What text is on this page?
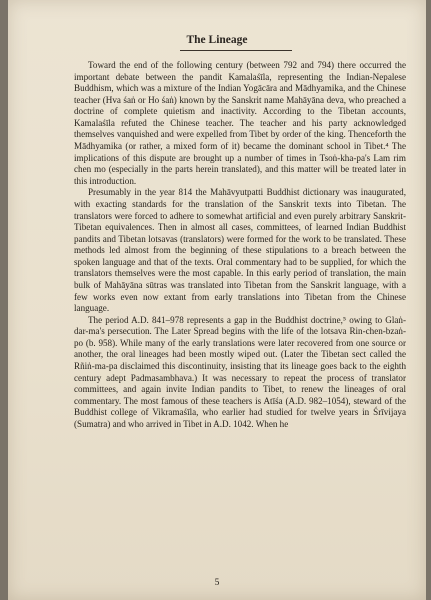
The Lineage

Toward the end of the following century (between 792 and 794) there occurred the important debate between the pandit Kamalaśīla, representing the Indian-Nepalese Buddhism, which was a mixture of the Indian Yogācāra and Mādhyamika, and the Chinese teacher (Hva śaṅ or Ho śaṅ) known by the Sanskrit name Mahāyāna deva, who preached a doctrine of complete quietism and inactivity. According to the Tibetan accounts, Kamalaśīla refuted the Chinese teacher. The teacher and his party acknowledged themselves vanquished and were expelled from Tibet by order of the king. Thenceforth the Mādhyamika (or rather, a mixed form of it) became the dominant school in Tibet.⁴ The implications of this dispute are brought up a number of times in Tsoṅ-kha-pa's Lam rim chen mo (especially in the parts herein translated), and this matter will be treated later in this introduction.

Presumably in the year 814 the Mahāvyutpatti Buddhist dictionary was inaugurated, with exacting standards for the translation of the Sanskrit texts into Tibetan. The translators were forced to adhere to somewhat artificial and even purely arbitrary Sanskrit-Tibetan equivalences. Then in almost all cases, committees, of learned Indian Buddhist pandits and Tibetan lotsavas (translators) were formed for the work to be translated. These methods led almost from the beginning of these stipulations to a breach between the spoken language and that of the texts. Oral commentary had to be supplied, for which the translators themselves were the most capable. In this early period of translation, the main bulk of Mahāyāna sūtras was translated into Tibetan from the Sanskrit language, with a few works even now extant from early translations into Tibetan from the Chinese language.

The period A.D. 841–978 represents a gap in the Buddhist doctrine,⁵ owing to Glaṅ-dar-ma's persecution. The Later Spread begins with the life of the lotsava Rin-chen-bzaṅ-po (b. 958). While many of the early translations were later recovered from one source or another, the oral lineages had been mostly wiped out. (Later the Tibetan sect called the Rñiṅ-ma-pa disclaimed this discontinuity, insisting that its lineage goes back to the eighth century adept Padmasambhava.) It was necessary to repeat the process of translator committees, and again invite Indian pandits to Tibet, to renew the lineages of oral commentary. The most famous of these teachers is Atīśa (A.D. 982–1054), steward of the Buddhist college of Vikramaśīla, who earlier had studied for twelve years in Śrīvijaya (Sumatra) and who arrived in Tibet in A.D. 1042. When he

5
